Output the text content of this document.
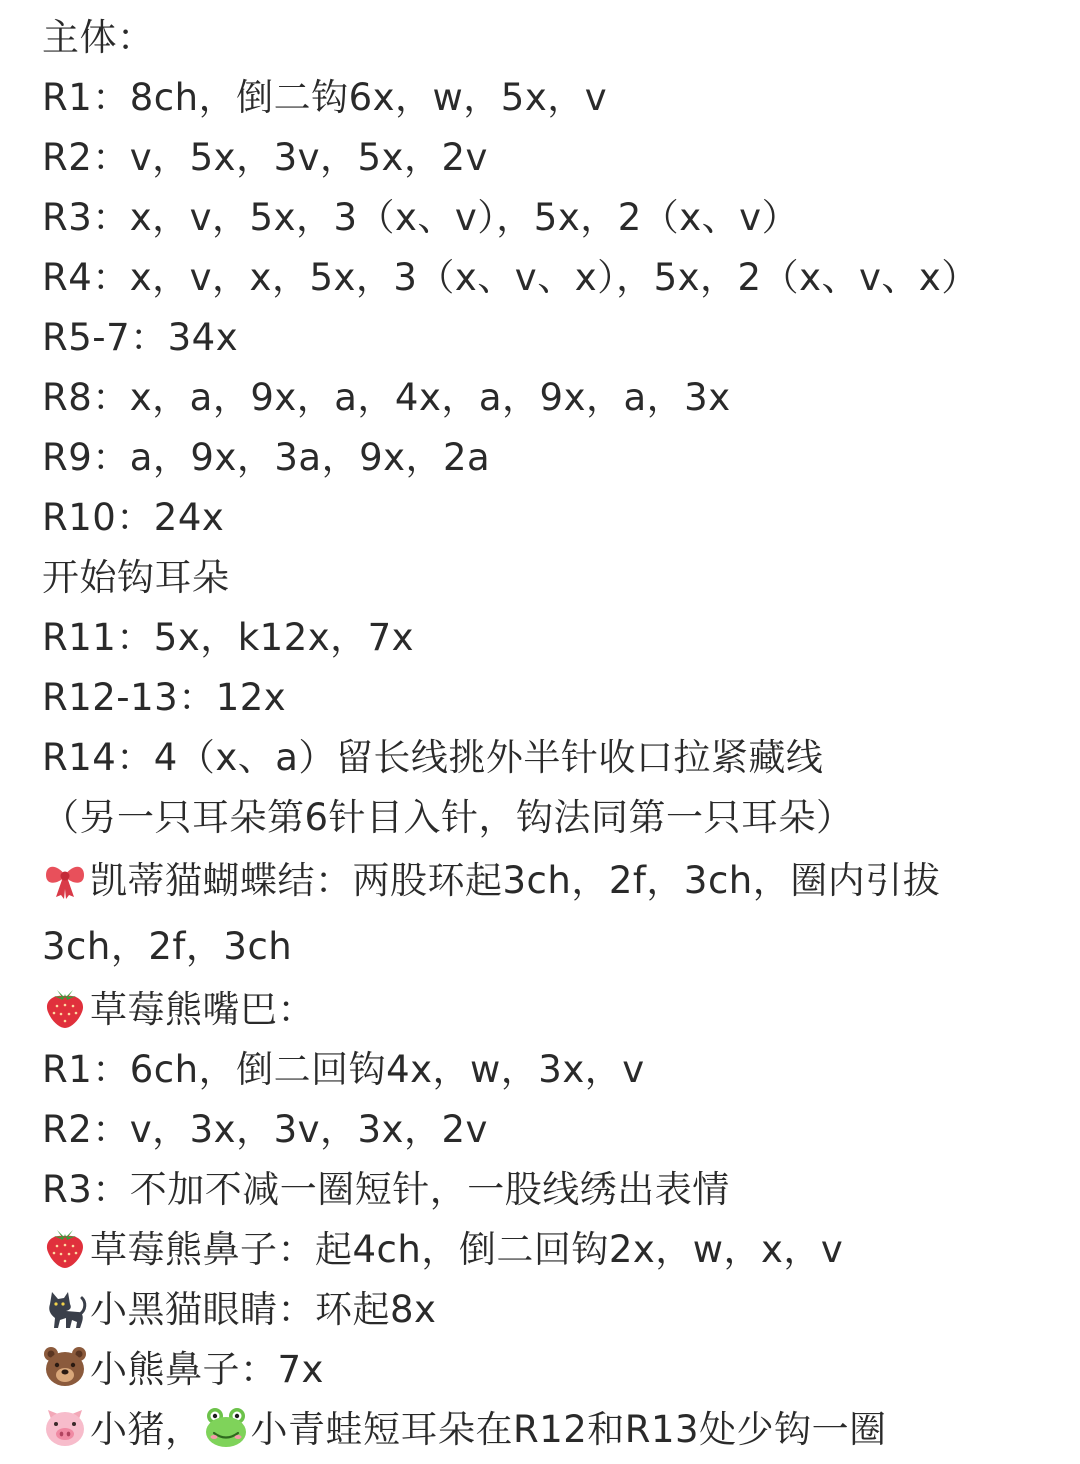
主体：
R1：8ch，倒二钩6x，w，5x，v
R2：v，5x，3v，5x，2v
R3：x，v，5x，3（x、v），5x，2（x、v）
R4：x，v，x，5x，3（x、v、x），5x，2（x、v、x）
R5-7：34x
R8：x，a，9x，a，4x，a，9x，a，3x
R9：a，9x，3a，9x，2a
R10：24x
开始钩耳朵
R11：5x，k12x，7x
R12-13：12x
R14：4（x、a）留长线挑外半针收口拉紧藏线
（另一只耳朵第6针目入针，钩法同第一只耳朵）
凯蒂猫蝴蝶结：两股环起3ch，2f，3ch，圈内引拔
3ch，2f，3ch
草莓熊嘴巴：
R1：6ch，倒二回钩4x，w，3x，v
R2：v，3x，3v，3x，2v
R3：不加不减一圈短针，一股线绣出表情
草莓熊鼻子：起4ch，倒二回钩2x，w，x，v
小黑猫眼睛：环起8x
小熊鼻子：7x
小猪， 小青蛙短耳朵在R12和R13处少钩一圈
